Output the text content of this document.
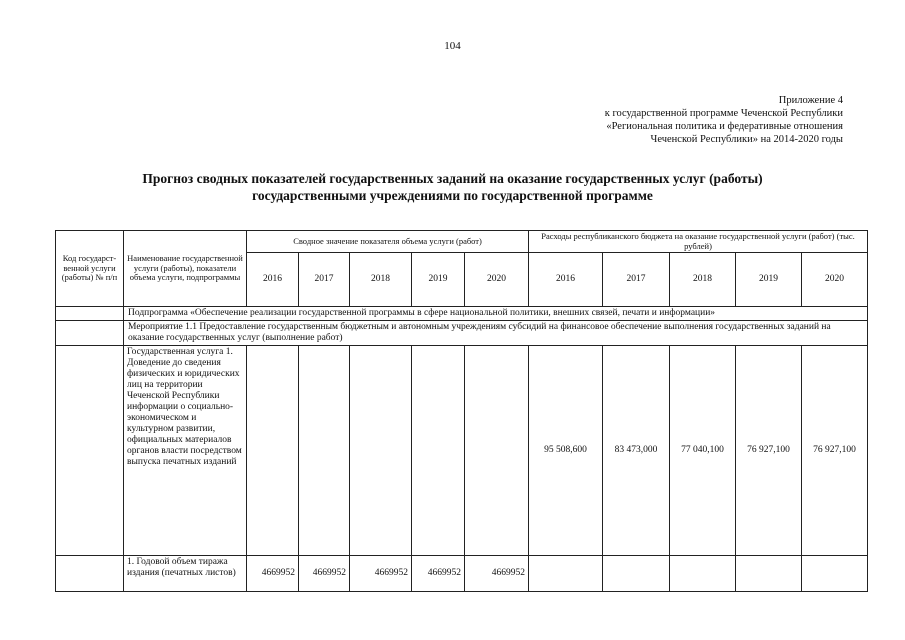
104
Приложение 4
к государственной программе Чеченской Республики
«Региональная политика и федеративные отношения
Чеченской Республики» на 2014-2020 годы
Прогноз сводных показателей государственных заданий на оказание государственных услуг (работы)
государственными учреждениями по государственной программе
Код государст-венной услуги (работы) № п/п	Наименование государственной услуги (работы), показатели объема услуги, подпрограммы	Сводное значение показателя объема услуги (работ)					Расходы республиканского бюджета на оказание государственной услуги (работ) (тыс. рублей)				
		2016	2017	2018	2019	2020	2016	2017	2018	2019	2020
	Подпрограмма «Обеспечение реализации государственной программы в сфере национальной политики, внешних связей, печати и информации»										
	Мероприятие 1.1 Предоставление государственным бюджетным и автономным учреждениям субсидий на финансовое обеспечение выполнения государственных заданий на оказание государственных услуг (выполнение работ)										
	Государственная услуга 1. Доведение до сведения физических и юридических лиц на территории Чеченской Республики информации о социально-экономическом и культурном развитии, официальных материалов органов власти посредством выпуска печатных изданий						95 508,600	83 473,000	77 040,100	76 927,100	76 927,100
	1. Годовой объем тиража издания (печатных листов)	4669952	4669952	4669952	4669952	4669952					
